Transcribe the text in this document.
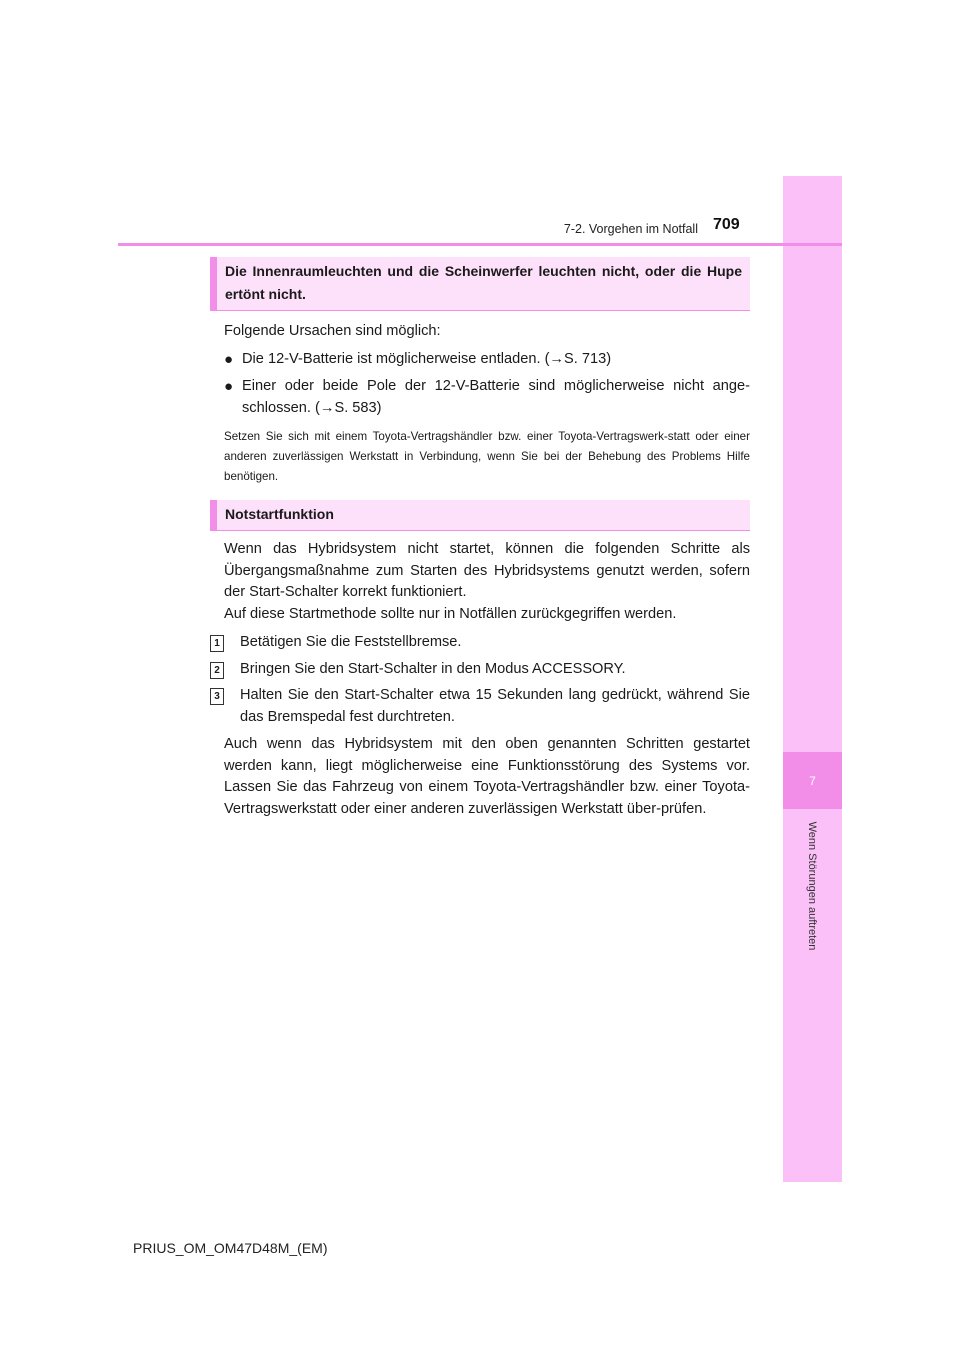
7
Wenn Störungen auftreten
7-2. Vorgehen im Notfall 709
Die Innenraumleuchten und die Scheinwerfer leuchten nicht, oder die Hupe ertönt nicht.
Folgende Ursachen sind möglich:
● Die 12-V-Batterie ist möglicherweise entladen. (→S. 713)
● Einer oder beide Pole der 12-V-Batterie sind möglicherweise nicht ange-schlossen. (→S. 583)
Setzen Sie sich mit einem Toyota-Vertragshändler bzw. einer Toyota-Vertragswerk-statt oder einer anderen zuverlässigen Werkstatt in Verbindung, wenn Sie bei der Behebung des Problems Hilfe benötigen.
Notstartfunktion
Wenn das Hybridsystem nicht startet, können die folgenden Schritte als Übergangsmaßnahme zum Starten des Hybridsystems genutzt werden, sofern der Start-Schalter korrekt funktioniert.
Auf diese Startmethode sollte nur in Notfällen zurückgegriffen werden.
1 Betätigen Sie die Feststellbremse.
2 Bringen Sie den Start-Schalter in den Modus ACCESSORY.
3 Halten Sie den Start-Schalter etwa 15 Sekunden lang gedrückt, während Sie das Bremspedal fest durchtreten.
Auch wenn das Hybridsystem mit den oben genannten Schritten gestartet werden kann, liegt möglicherweise eine Funktionsstörung des Systems vor. Lassen Sie das Fahrzeug von einem Toyota-Vertragshändler bzw. einer Toyota-Vertragswerkstatt oder einer anderen zuverlässigen Werkstatt über-prüfen.
PRIUS_OM_OM47D48M_(EM)
